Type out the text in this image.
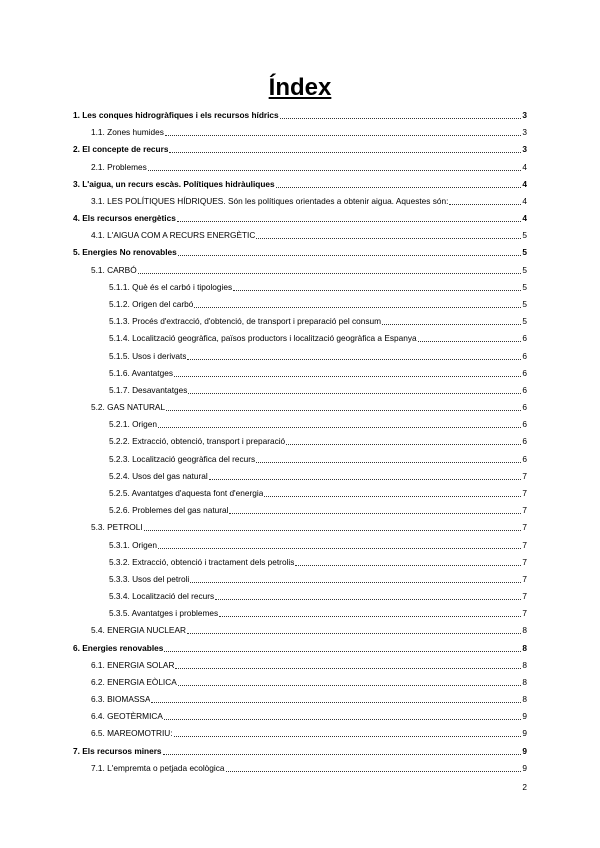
Índex
1. Les conques hidrogràfiques i els recursos hídrics	3
1.1. Zones humides	3
2. El concepte de recurs	3
2.1. Problemes	4
3. L'aigua, un recurs escàs. Polítiques hidràuliques	4
3.1. LES POLÍTIQUES HÍDRIQUES. Són les polítiques orientades a obtenir aigua. Aquestes són:	4
4. Els recursos energètics	4
4.1. L'AIGUA COM A RECURS ENERGÈTIC	5
5. Energies No renovables	5
5.1. CARBÓ	5
5.1.1. Què és el carbó i tipologies	5
5.1.2. Origen del carbó	5
5.1.3. Procés d'extracció, d'obtenció, de transport i preparació pel consum	5
5.1.4. Localització geogràfica, països productors i localització geogràfica a Espanya	6
5.1.5. Usos i derivats	6
5.1.6. Avantatges	6
5.1.7. Desavantatges	6
5.2. GAS NATURAL	6
5.2.1. Origen	6
5.2.2. Extracció, obtenció, transport i preparació	6
5.2.3. Localització geogràfica del recurs	6
5.2.4. Usos del gas natural	7
5.2.5. Avantatges d'aquesta font d'energia	7
5.2.6. Problemes del gas natural	7
5.3. PETROLI	7
5.3.1. Origen	7
5.3.2. Extracció, obtenció i tractament dels petrolis	7
5.3.3. Usos del petroli	7
5.3.4. Localització del recurs	7
5.3.5. Avantatges i problemes	7
5.4. ENERGIA NUCLEAR	8
6. Energies renovables	8
6.1. ENERGIA SOLAR	8
6.2. ENERGIA EÒLICA	8
6.3. BIOMASSA	8
6.4. GEOTÈRMICA	9
6.5. MAREOMOTRIU:	9
7. Els recursos miners	9
7.1. L'empremta o petjada ecològica	9
2
